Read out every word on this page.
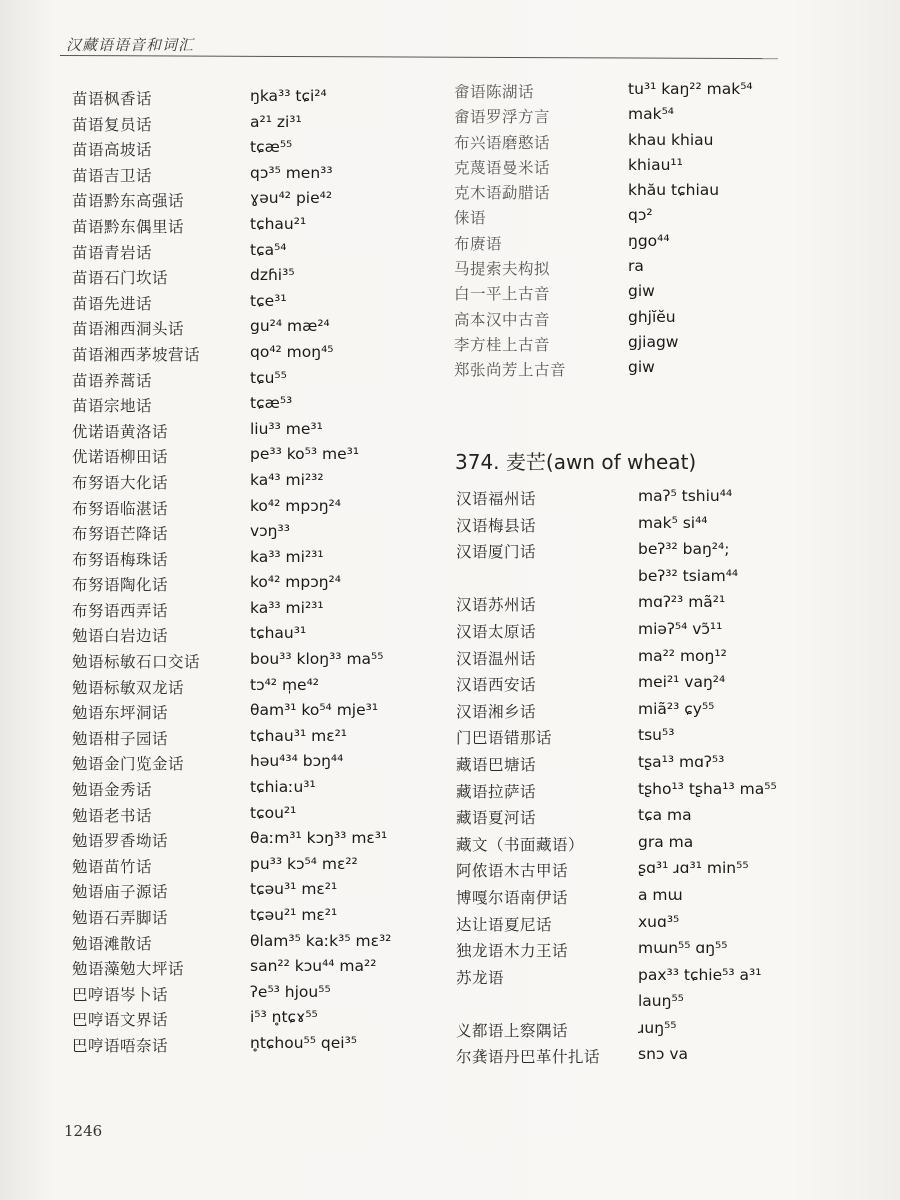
汉藏语语音和词汇
苗语枫香话	ŋka³³ tɕi²⁴
苗语复员话	a²¹ zi³¹
苗语高坡话	tɕæ⁵⁵
苗语吉卫话	qɔ³⁵ men³³
苗语黔东高强话	ɣəu⁴² pie⁴²
苗语黔东偶里话	tɕhau²¹
苗语青岩话	tɕa⁵⁴
苗语石门坎话	dzɦi³⁵
苗语先进话	tɕe³¹
苗语湘西洞头话	gu²⁴ mæ²⁴
苗语湘西茅坡营话	qo⁴² moŋ⁴⁵
苗语养蒿话	tɕu⁵⁵
苗语宗地话	tɕæ⁵³
优诺语黄洛话	liu³³ me³¹
优诺语柳田话	pe³³ ko⁵³ me³¹
布努语大化话	ka⁴³ mi²³²
布努语临湛话	ko⁴² mpɔŋ²⁴
布努语芒降话	vɔŋ³³
布努语梅珠话	ka³³ mi²³¹
布努语陶化话	ko⁴² mpɔŋ²⁴
布努语西弄话	ka³³ mi²³¹
勉语白岩边话	tɕhau³¹
勉语标敏石口交话	bou³³ kloŋ³³ ma⁵⁵
勉语标敏双龙话	tɔ⁴² m̩e⁴²
勉语东坪洞话	θam³¹ ko⁵⁴ mje³¹
勉语柑子园话	tɕhau³¹ mɛ²¹
勉语金门览金话	həu⁴³⁴ bɔŋ⁴⁴
勉语金秀话	tɕhiaːu³¹
勉语老书话	tɕou²¹
勉语罗香坳话	θaːm³¹ kɔŋ³³ mɛ³¹
勉语苗竹话	pu³³ kɔ⁵⁴ mɛ²²
勉语庙子源话	tɕəu³¹ mɛ²¹
勉语石弄脚话	tɕəu²¹ mɛ²¹
勉语滩散话	θlam³⁵ kaːk³⁵ mɛ³²
勉语藻勉大坪话	san²² kɔu⁴⁴ ma²²
巴哼语岑卜话	ʔe⁵³ hjou⁵⁵
巴哼语文界话	i⁵³ n̥tɕɤ⁵⁵
巴哼语唔奈话	n̥tɕhou⁵⁵ qei³⁵
畲语陈湖话	tu³¹ kaŋ²² mak⁵⁴
畲语罗浮方言	mak⁵⁴
布兴语磨憨话	khau khiau
克蔑语曼米话	khiau¹¹
克木语勐腊话	khău tɕhiau
俫语	qɔ²
布赓语	ŋgo⁴⁴
马提索夫构拟	ra
白一平上古音	giw
高本汉中古音	ghjĭĕu
李方桂上古音	gjiagw
郑张尚芳上古音	giw
374. 麦芒(awn of wheat)
汉语福州话	maʔ⁵ tshiu⁴⁴
汉语梅县话	mak⁵ si⁴⁴
汉语厦门话	beʔ³² baŋ²⁴;
beʔ³² tsiam⁴⁴
汉语苏州话	mɑʔ²³ mã²¹
汉语太原话	miəʔ⁵⁴ vɔ̃¹¹
汉语温州话	ma²² moŋ¹²
汉语西安话	mei²¹ vaŋ²⁴
汉语湘乡话	miã²³ ɕy⁵⁵
门巴语错那话	tsu⁵³
藏语巴塘话	tʂa¹³ mɑʔ⁵³
藏语拉萨话	tʂho¹³ tʂha¹³ ma⁵⁵
藏语夏河话	tɕa ma
藏文（书面藏语）	gra ma
阿侬语木古甲话	ʂɑ³¹ ɹɑ³¹ min⁵⁵
博嘎尔语南伊话	a mɯ
达让语夏尼话	xuɑ³⁵
独龙语木力王话	mɯn⁵⁵ ɑŋ⁵⁵
苏龙语	pax³³ tɕhie⁵³ a³¹
lauŋ⁵⁵
义都语上察隅话	ɹuŋ⁵⁵
尔龚语丹巴革什扎话 snɔ va
1246
